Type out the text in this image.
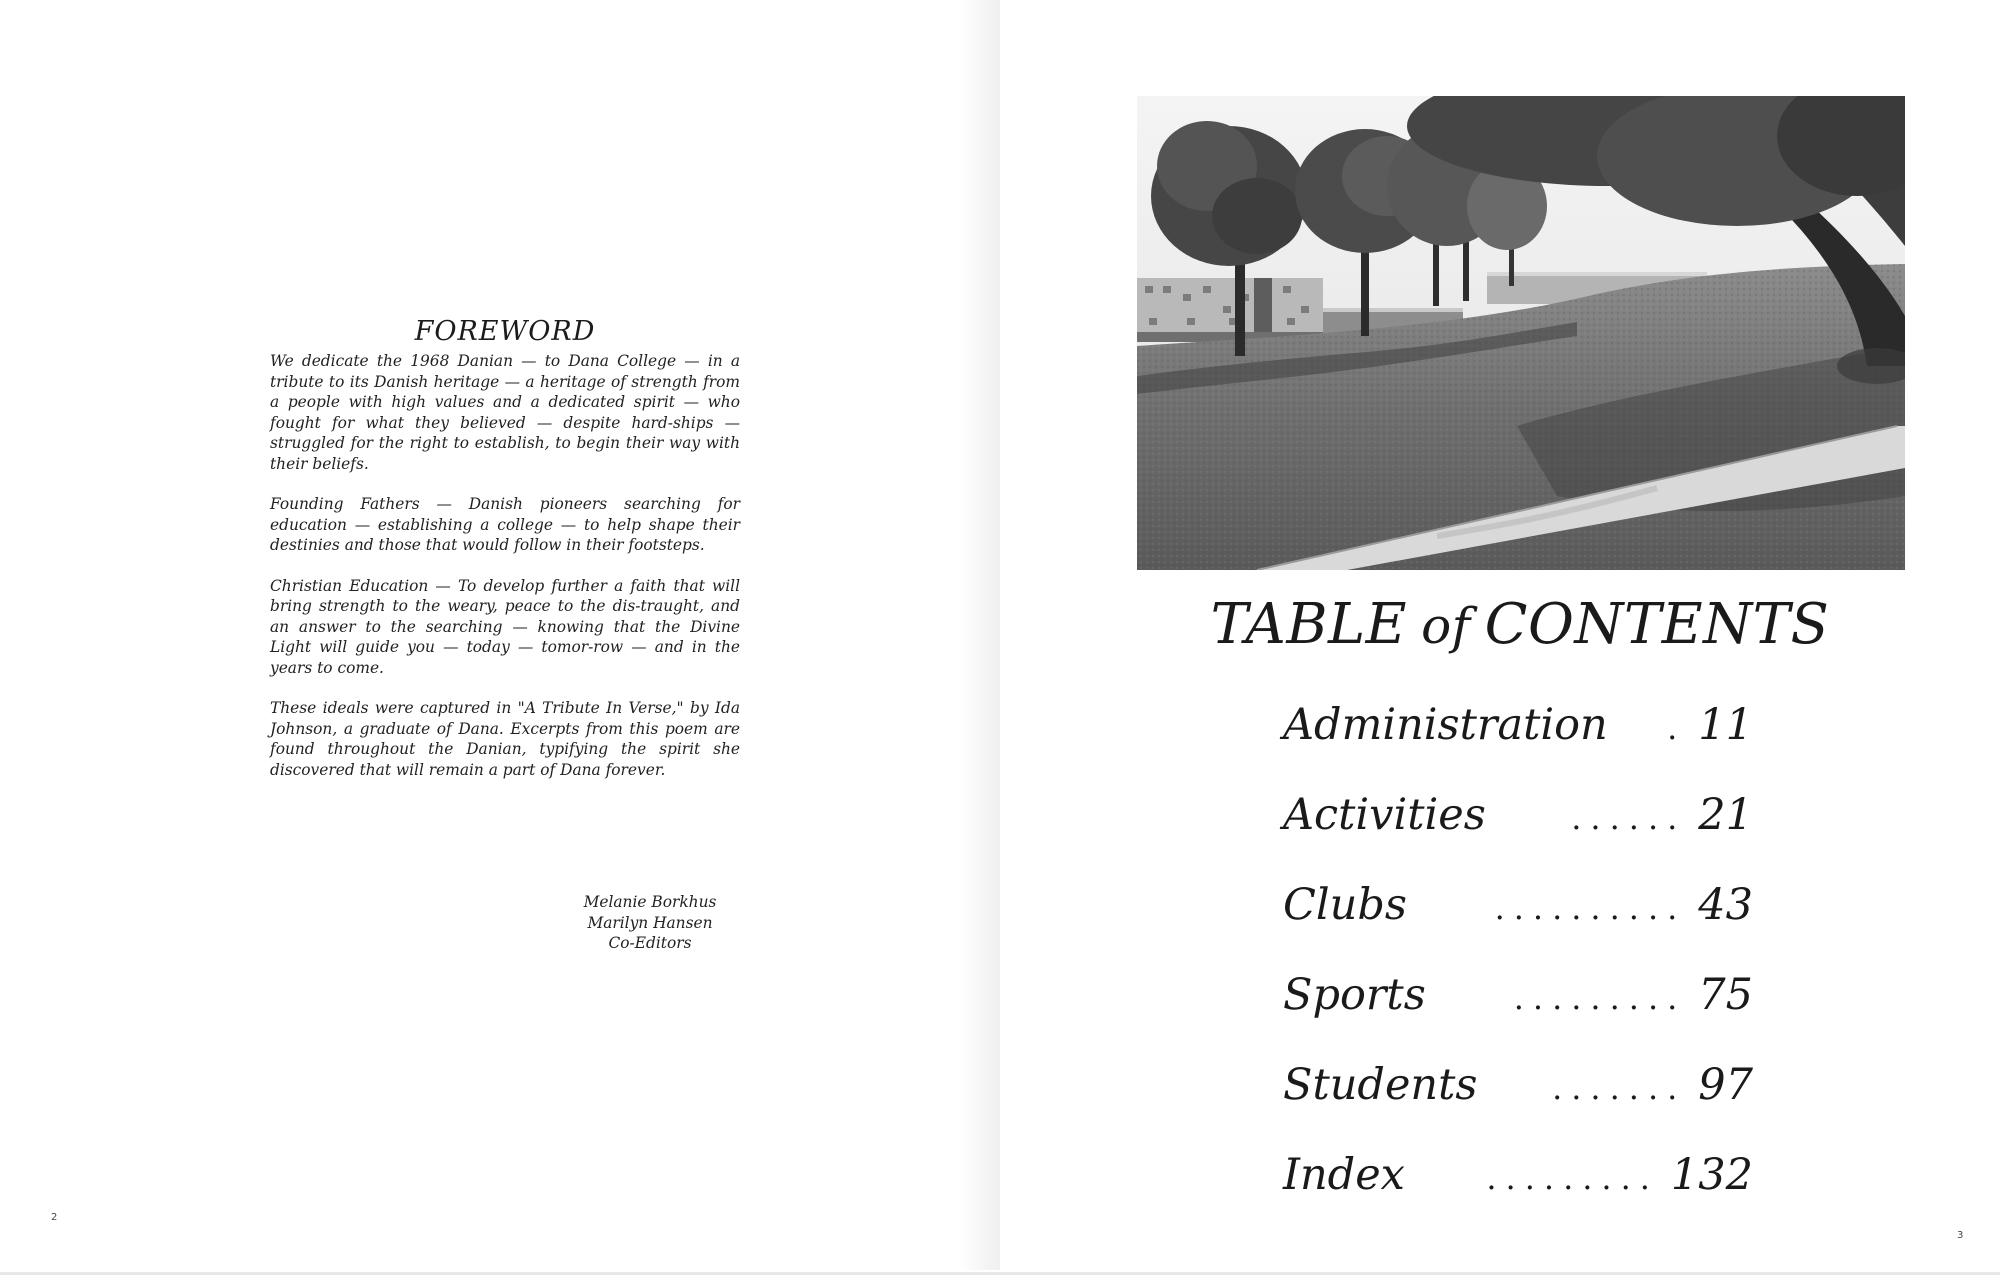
FOREWORD

We dedicate the 1968 Danian — to Dana College — in a tribute to its Danish heritage — a heritage of strength from a people with high values and a dedicated spirit — who fought for what they believed — despite hard-ships — struggled for the right to establish, to begin their way with their beliefs.

Founding Fathers — Danish pioneers searching for education — establishing a college — to help shape their destinies and those that would follow in their footsteps.

Christian Education — To develop further a faith that will bring strength to the weary, peace to the dis-traught, and an answer to the searching — knowing that the Divine Light will guide you — today — tomor-row — and in the years to come.

These ideals were captured in "A Tribute In Verse," by Ida Johnson, a graduate of Dana. Excerpts from this poem are found throughout the Danian, typifying the spirit she discovered that will remain a part of Dana forever.

Melanie Borkhus
Marilyn Hansen
Co-Editors
2
TABLE of CONTENTS
Administration	. 11
Activities	...... 21
Clubs	.......... 43
Sports	......... 75
Students	....... 97
Index	......... 132
3
